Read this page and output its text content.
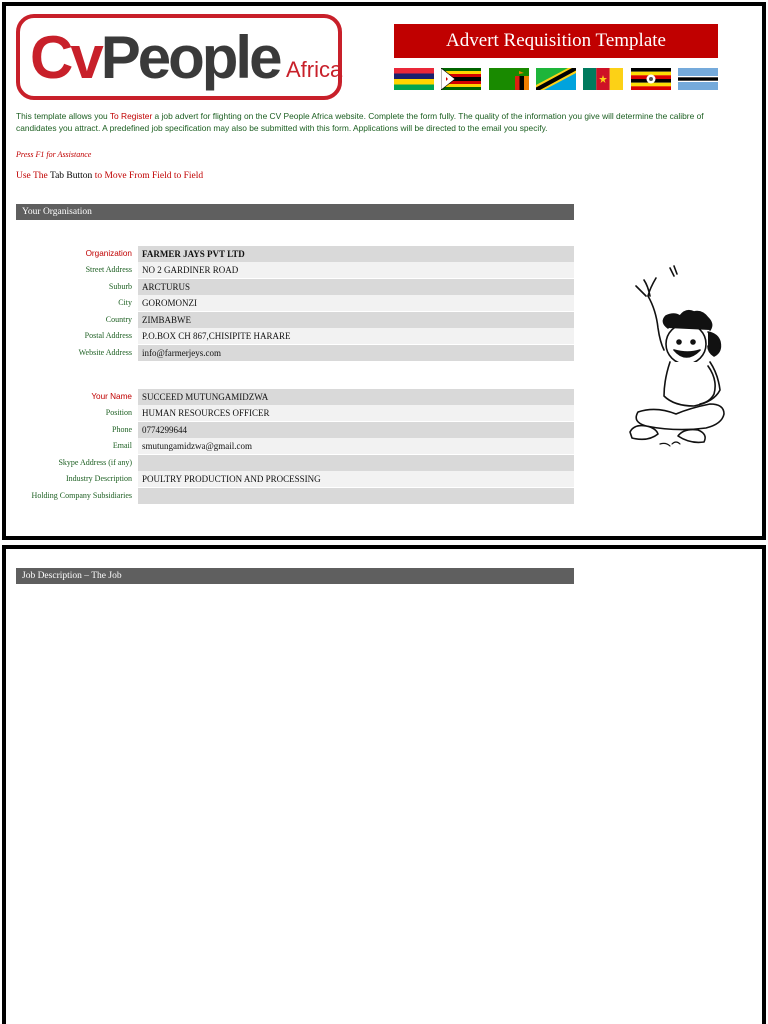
CvPeople Africa
Advert Requisition Template
This template allows you To Register a job advert for flighting on the CV People Africa website. Complete the form fully. The quality of the information you give will determine the calibre of candidates you attract. A predefined job specification may also be submitted with this form. Applications will be directed to the email you specify.
Press F1 for Assistance
Use The Tab Button to Move From Field to Field
Your Organisation
Organization	FARMER JAYS PVT LTD
Street Address	NO 2 GARDINER ROAD
Suburb	ARCTURUS
City	GOROMONZI
Country	ZIMBABWE
Postal Address	P.O.BOX CH 867,CHISIPITE HARARE
Website Address	info@farmerjeys.com
Your Name	SUCCEED MUTUNGAMIDZWA
Position	HUMAN RESOURCES OFFICER
Phone	0774299644
Email	smutungamidzwa@gmail.com
Skype Address (if any)
Industry Description	POULTRY PRODUCTION AND PROCESSING
Holding Company Subsidiaries
Job Description – The Job
